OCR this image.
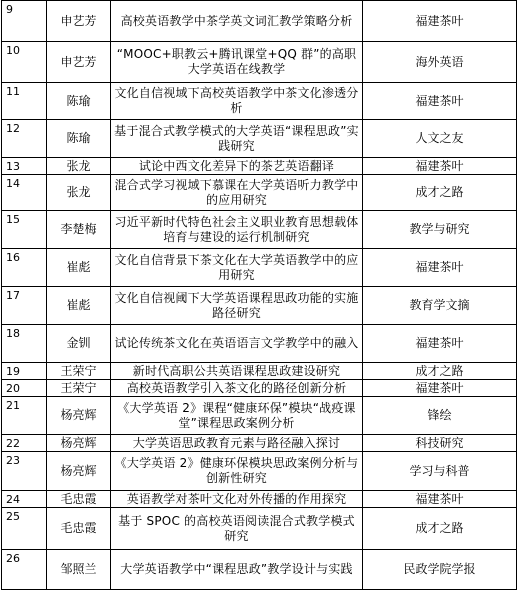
9	申艺芳	高校英语教学中茶学英文词汇教学策略分析	福建茶叶
10	申艺芳	“MOOC+职教云+腾讯课堂+QQ 群”的高职大学英语在线教学	海外英语
11	陈瑜	文化自信视域下高校英语教学中茶文化渗透分析	福建茶叶
12	陈瑜	基于混合式教学模式的大学英语“课程思政”实践研究	人文之友
13	张龙	试论中西文化差异下的茶艺英语翻译	福建茶叶
14	张龙	混合式学习视域下慕课在大学英语听力教学中的应用研究	成才之路
15	李楚梅	习近平新时代特色社会主义职业教育思想载体培育与建设的运行机制研究	教学与研究
16	崔彪	文化自信背景下茶文化在大学英语教学中的应用研究	福建茶叶
17	崔彪	文化自信视阈下大学英语课程思政功能的实施路径研究	教育学文摘
18	金钏	试论传统茶文化在英语语言文学教学中的融入	福建茶叶
19	王荣宁	新时代高职公共英语课程思政建设研究	成才之路
20	王荣宁	高校英语教学引入茶文化的路径创新分析	福建茶叶
21	杨亮辉	《大学英语 2》课程“健康环保”模块“战疫课堂”课程思政案例分析	锋绘
22	杨亮辉	大学英语思政教育元素与路径融入探讨	科技研究
23	杨亮辉	《大学英语 2》健康环保模块思政案例分析与创新性研究	学习与科普
24	毛忠霞	英语教学对茶叶文化对外传播的作用探究	福建茶叶
25	毛忠霞	基于 SPOC 的高校英语阅读混合式教学模式研究	成才之路
26	邹照兰	大学英语教学中“课程思政”教学设计与实践	民政学院学报
